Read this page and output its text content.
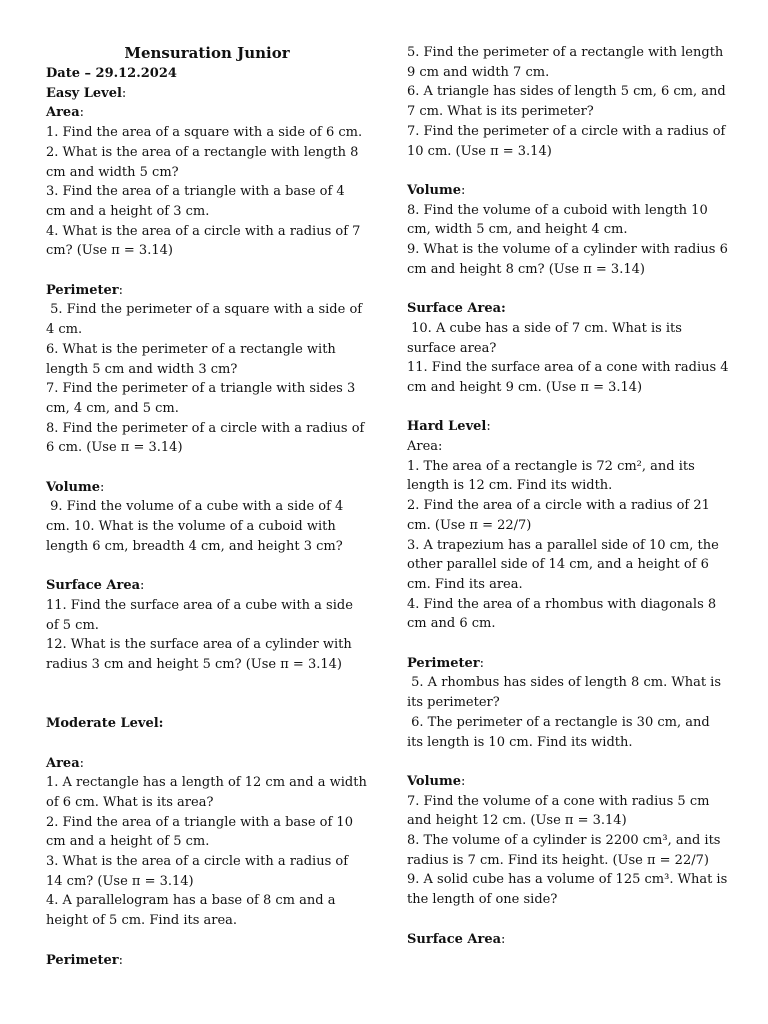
Mensuration Junior
Date – 29.12.2024
Easy Level:
Area:
1. Find the area of a square with a side of 6 cm.
2. What is the area of a rectangle with length 8 cm and width 5 cm?
3. Find the area of a triangle with a base of 4 cm and a height of 3 cm.
4. What is the area of a circle with a radius of 7 cm? (Use π = 3.14)
Perimeter:
5. Find the perimeter of a square with a side of 4 cm.
6. What is the perimeter of a rectangle with length 5 cm and width 3 cm?
7. Find the perimeter of a triangle with sides 3 cm, 4 cm, and 5 cm.
8. Find the perimeter of a circle with a radius of 6 cm. (Use π = 3.14)
Volume:
9. Find the volume of a cube with a side of 4 cm. 10. What is the volume of a cuboid with length 6 cm, breadth 4 cm, and height 3 cm?
Surface Area:
11. Find the surface area of a cube with a side of 5 cm.
12. What is the surface area of a cylinder with radius 3 cm and height 5 cm? (Use π = 3.14)
Moderate Level:
Area:
1. A rectangle has a length of 12 cm and a width of 6 cm. What is its area?
2. Find the area of a triangle with a base of 10 cm and a height of 5 cm.
3. What is the area of a circle with a radius of 14 cm? (Use π = 3.14)
4. A parallelogram has a base of 8 cm and a height of 5 cm. Find its area.
Perimeter:
5. Find the perimeter of a rectangle with length 9 cm and width 7 cm.
6. A triangle has sides of length 5 cm, 6 cm, and 7 cm. What is its perimeter?
7. Find the perimeter of a circle with a radius of 10 cm. (Use π = 3.14)
Volume:
8. Find the volume of a cuboid with length 10 cm, width 5 cm, and height 4 cm.
9. What is the volume of a cylinder with radius 6 cm and height 8 cm? (Use π = 3.14)
Surface Area:
10. A cube has a side of 7 cm. What is its surface area?
11. Find the surface area of a cone with radius 4 cm and height 9 cm. (Use π = 3.14)
Hard Level:
Area:
1. The area of a rectangle is 72 cm², and its length is 12 cm. Find its width.
2. Find the area of a circle with a radius of 21 cm. (Use π = 22/7)
3. A trapezium has a parallel side of 10 cm, the other parallel side of 14 cm, and a height of 6 cm. Find its area.
4. Find the area of a rhombus with diagonals 8 cm and 6 cm.
Perimeter:
5. A rhombus has sides of length 8 cm. What is its perimeter?
6. The perimeter of a rectangle is 30 cm, and its length is 10 cm. Find its width.
Volume:
7. Find the volume of a cone with radius 5 cm and height 12 cm. (Use π = 3.14)
8. The volume of a cylinder is 2200 cm³, and its radius is 7 cm. Find its height. (Use π = 22/7)
9. A solid cube has a volume of 125 cm³. What is the length of one side?
Surface Area:
